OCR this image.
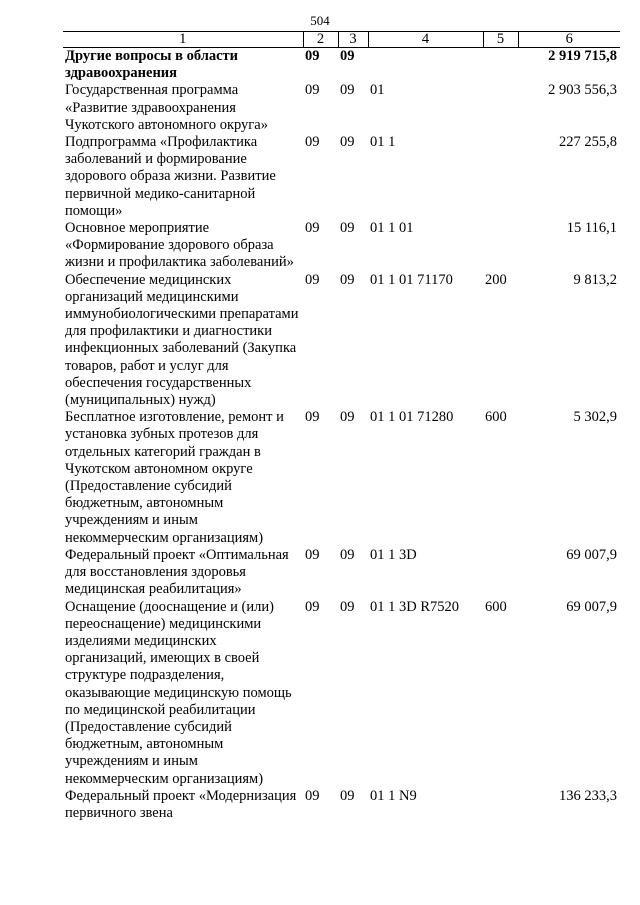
504
1	2	3	4	5	6
Другие вопросы в области здравоохранения	09	09			2 919 715,8
Государственная программа «Развитие здравоохранения Чукотского автономного округа»	09	09	01		2 903 556,3
Подпрограмма «Профилактика заболеваний и формирование здорового образа жизни. Развитие первичной медико-санитарной помощи»	09	09	01 1		227 255,8
Основное мероприятие «Формирование здорового образа жизни и профилактика заболеваний»	09	09	01 1 01		15 116,1
Обеспечение медицинских организаций медицинскими иммунобиологическими препаратами для профилактики и диагностики инфекционных заболеваний (Закупка товаров, работ и услуг для обеспечения государственных (муниципальных) нужд)	09	09	01 1 01 71170	200	9 813,2
Бесплатное изготовление, ремонт и установка зубных протезов для отдельных категорий граждан в Чукотском автономном округе (Предоставление субсидий бюджетным, автономным учреждениям и иным некоммерческим организациям)	09	09	01 1 01 71280	600	5 302,9
Федеральный проект «Оптимальная для восстановления здоровья медицинская реабилитация»	09	09	01 1 3D		69 007,9
Оснащение (дооснащение и (или) переоснащение) медицинскими изделиями медицинских организаций, имеющих в своей структуре подразделения, оказывающие медицинскую помощь по медицинской реабилитации (Предоставление субсидий бюджетным, автономным учреждениям и иным некоммерческим организациям)	09	09	01 1 3D R7520	600	69 007,9
Федеральный проект «Модернизация первичного звена	09	09	01 1 N9		136 233,3
